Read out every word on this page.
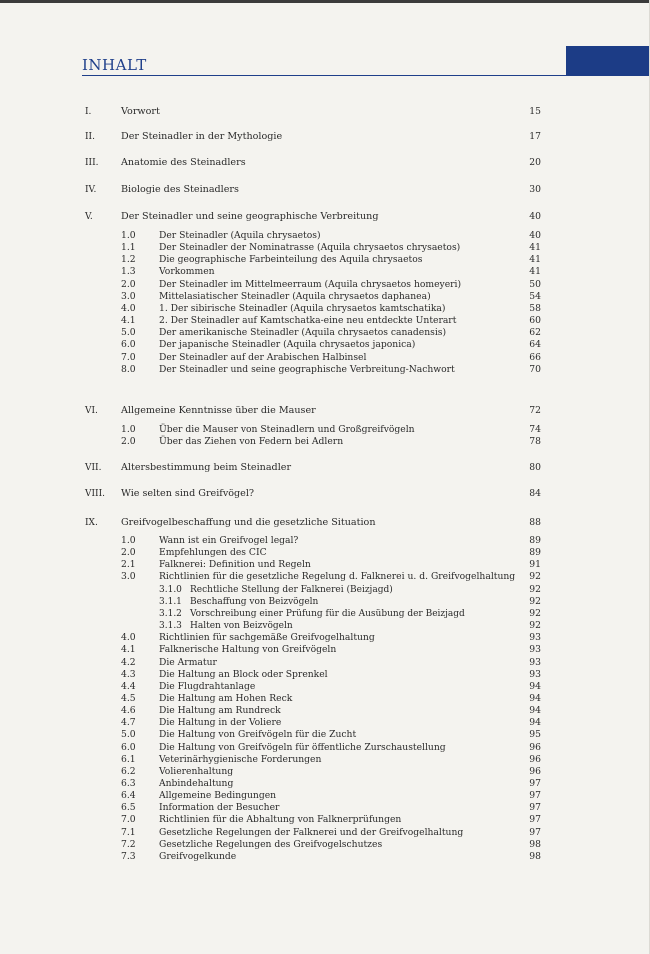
INHALT
I.	Vorwort	15
II.	Der Steinadler in der Mythologie	17
III. Anatomie des Steinadlers	20
IV.	Biologie des Steinadlers	30
V.	Der Steinadler und seine geographische Verbreitung	40
1.0	Der Steinadler (Aquila chrysaetos)	40
1.1	Der Steinadler der Nominatrasse (Aquila chrysaetos chrysaetos)	41
1.2	Die geographische Farbeinteilung des Aquila chrysaetos	41
1.3	Vorkommen	41
2.0	Der Steinadler im Mittelmeerraum (Aquila chrysaetos homeyeri)	50
3.0	Mittelasiatischer Steinadler (Aquila chrysaetos daphanea)	54
4.0	1. Der sibirische Steinadler (Aquila chrysaetos kamtschatika)	58
4.1	2. Der Steinadler auf Kamtschatka-eine neu entdeckte Unterart	60
5.0	Der amerikanische Steinadler (Aquila chrysaetos canadensis)	62
6.0	Der japanische Steinadler (Aquila chrysaetos japonica)	64
7.0	Der Steinadler auf der Arabischen Halbinsel	66
8.0	Der Steinadler und seine geographische Verbreitung-Nachwort	70
VI. Allgemeine Kenntnisse über die Mauser	72
1.0	Über die Mauser von Steinadlern und Großgreifvögeln	74
2.0	Über das Ziehen von Federn bei Adlern	78
VII. Altersbestimmung beim Steinadler	80
VIII. Wie selten sind Greifvögel?	84
IX. Greifvogelbeschaffung und die gesetzliche Situation	88
1.0	Wann ist ein Greifvogel legal?	89
2.0	Empfehlungen des CIC	89
2.1	Falknerei: Definition und Regeln	91
3.0	Richtlinien für die gesetzliche Regelung d. Falknerei u. d. Greifvogelhaltung 92
3.1.0 Rechtliche Stellung der Falknerei (Beizjagd)	92
3.1.1 Beschaffung von Beizvögeln	92
3.1.2 Vorschreibung einer Prüfung für die Ausübung der Beizjagd	92
3.1.3 Halten von Beizvögeln	92
4.0	Richtlinien für sachgemäße Greifvogelhaltung	93
4.1	Falknerische Haltung von Greifvögeln	93
4.2	Die Armatur	93
4.3	Die Haltung an Block oder Sprenkel	93
4.4	Die Flugdrahtanlage	94
4.5	Die Haltung am Hohen Reck	94
4.6	Die Haltung am Rundreck	94
4.7	Die Haltung in der Voliere	94
5.0	Die Haltung von Greifvögeln für die Zucht	95
6.0	Die Haltung von Greifvögeln für öffentliche Zurschaustellung	96
6.1	Veterinärhygienische Forderungen	96
6.2	Volierenhaltung	96
6.3	Anbindehaltung	97
6.4	Allgemeine Bedingungen	97
6.5	Information der Besucher	97
7.0	Richtlinien für die Abhaltung von Falknerprüfungen	97
7.1	Gesetzliche Regelungen der Falknerei und der Greifvogelhaltung	97
7.2	Gesetzliche Regelungen des Greifvogelschutzes	98
7.3	Greifvogelkunde	98
